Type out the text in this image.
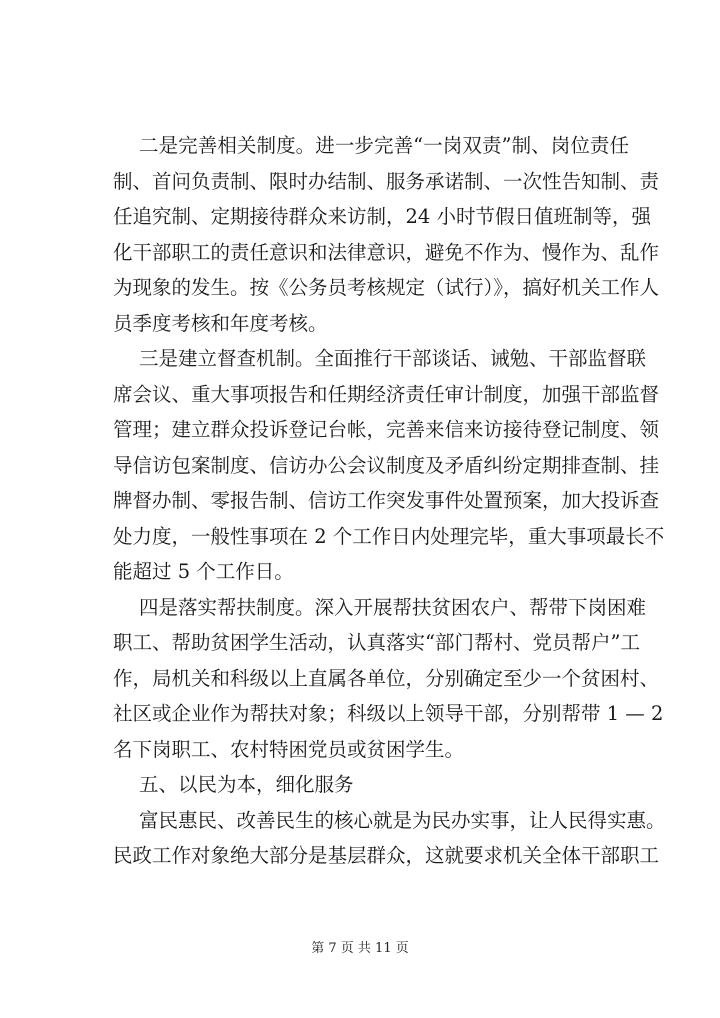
二是完善相关制度。进一步完善“一岗双责”制、岗位责任
制、首问负责制、限时办结制、服务承诺制、一次性告知制、责
任追究制、定期接待群众来访制，24 小时节假日值班制等，强
化干部职工的责任意识和法律意识，避免不作为、慢作为、乱作
为现象的发生。按《公务员考核规定（试行）》，搞好机关工作人
员季度考核和年度考核。
三是建立督查机制。全面推行干部谈话、诫勉、干部监督联
席会议、重大事项报告和任期经济责任审计制度，加强干部监督
管理；建立群众投诉登记台帐，完善来信来访接待登记制度、领
导信访包案制度、信访办公会议制度及矛盾纠纷定期排查制、挂
牌督办制、零报告制、信访工作突发事件处置预案，加大投诉查
处力度，一般性事项在 2 个工作日内处理完毕，重大事项最长不
能超过 5 个工作日。
四是落实帮扶制度。深入开展帮扶贫困农户、帮带下岗困难
职工、帮助贫困学生活动，认真落实“部门帮村、党员帮户”工
作，局机关和科级以上直属各单位，分别确定至少一个贫困村、
社区或企业作为帮扶对象；科级以上领导干部，分别帮带 1 — 2
名下岗职工、农村特困党员或贫困学生。
五、以民为本，细化服务
富民惠民、改善民生的核心就是为民办实事，让人民得实惠。
民政工作对象绝大部分是基层群众，这就要求机关全体干部职工
第 7 页 共 11 页
